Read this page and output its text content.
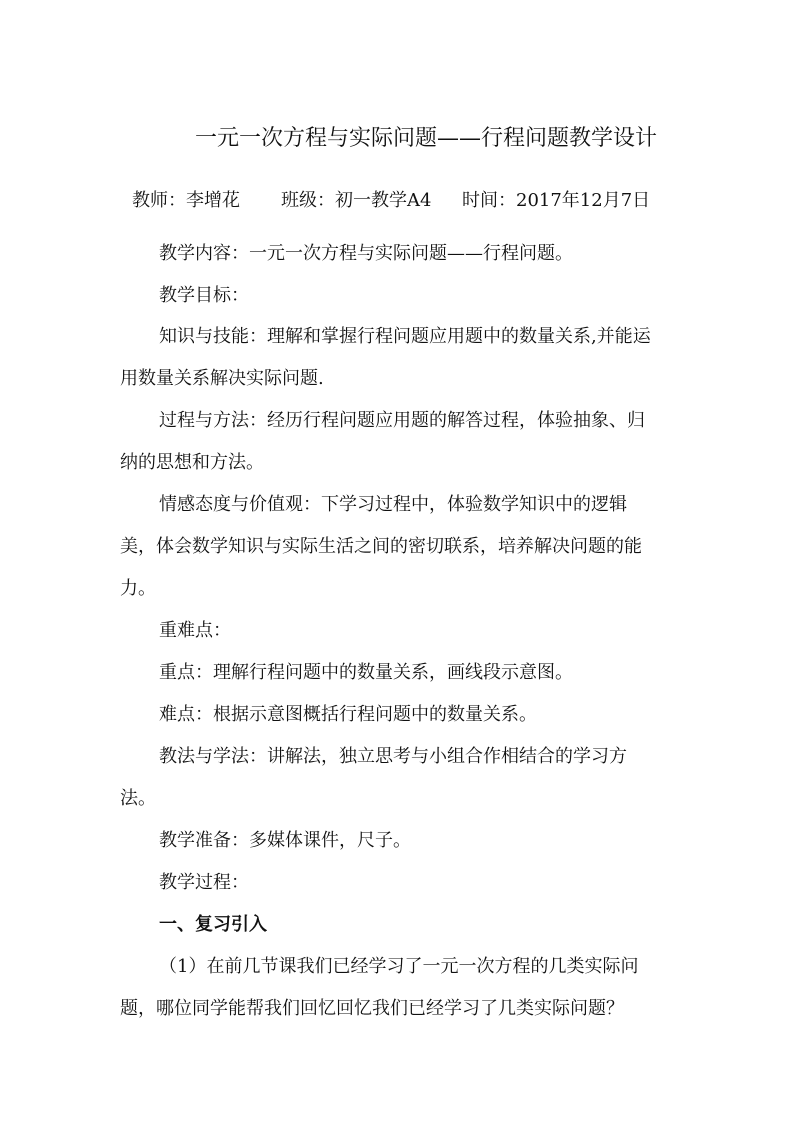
一元一次方程与实际问题——行程问题教学设计
教师：李增花 班级：初一教学A4 时间：2017年12月7日
教学内容：一元一次方程与实际问题——行程问题。
教学目标：
知识与技能：理解和掌握行程问题应用题中的数量关系,并能运
用数量关系解决实际问题.
过程与方法：经历行程问题应用题的解答过程，体验抽象、归
纳的思想和方法。
情感态度与价值观：下学习过程中，体验数学知识中的逻辑
美，体会数学知识与实际生活之间的密切联系，培养解决问题的能
力。
重难点：
重点：理解行程问题中的数量关系，画线段示意图。
难点：根据示意图概括行程问题中的数量关系。
教法与学法：讲解法，独立思考与小组合作相结合的学习方
法。
教学准备：多媒体课件，尺子。
教学过程：
一、复习引入
（1）在前几节课我们已经学习了一元一次方程的几类实际问
题，哪位同学能帮我们回忆回忆我们已经学习了几类实际问题？
